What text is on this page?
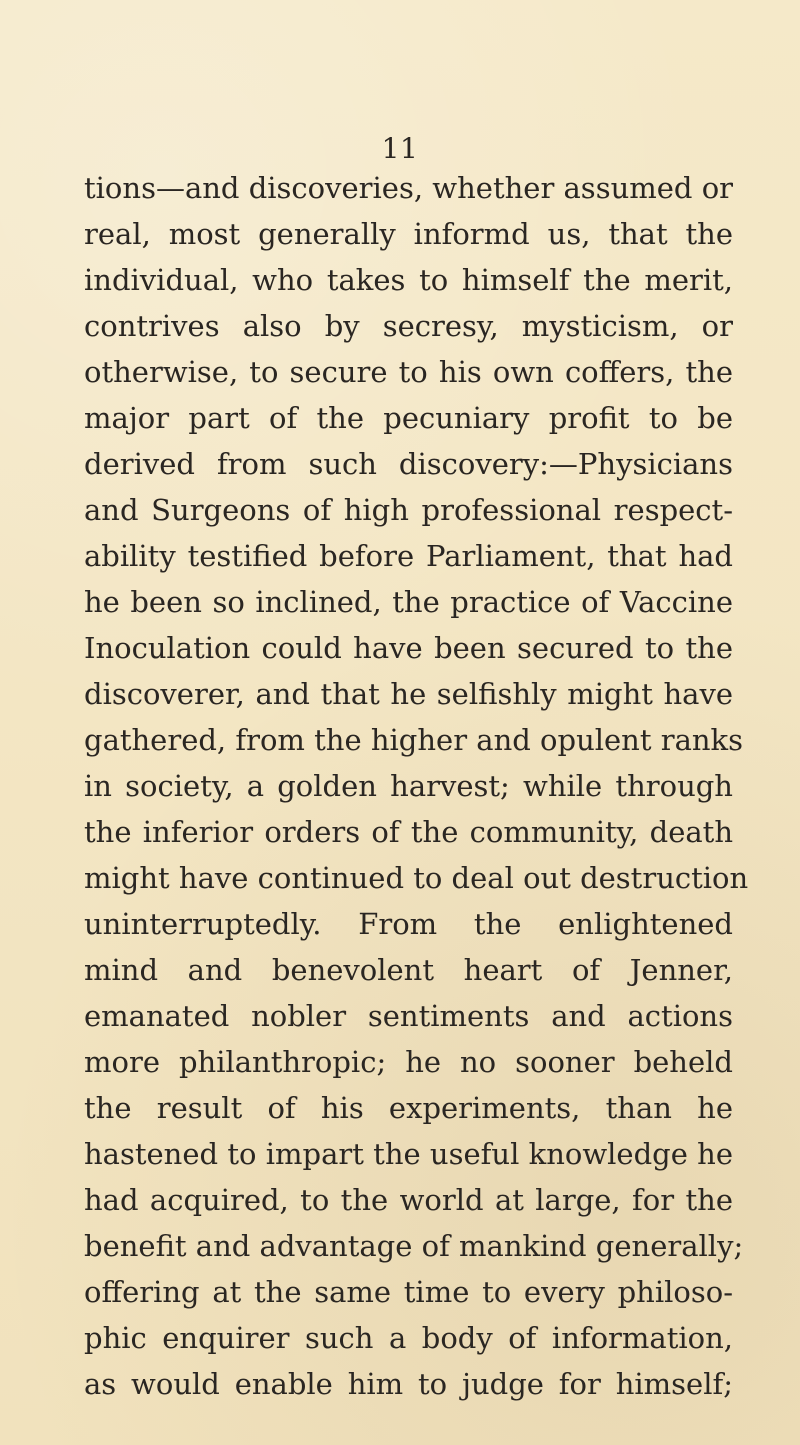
11
tions—and discoveries, whether assumed or
real, most generally informd us, that the
individual, who takes to himself the merit,
contrives also by secresy, mysticism, or
otherwise, to secure to his own coffers, the
major part of the pecuniary profit to be
derived from such discovery:—Physicians
and Surgeons of high professional respect-
ability testified before Parliament, that had
he been so inclined, the practice of Vaccine
Inoculation could have been secured to the
discoverer, and that he selfishly might have
gathered, from the higher and opulent ranks
in society, a golden harvest; while through
the inferior orders of the community, death
might have continued to deal out destruction
uninterruptedly. From the enlightened
mind and benevolent heart of Jenner,
emanated nobler sentiments and actions
more philanthropic; he no sooner beheld
the result of his experiments, than he
hastened to impart the useful knowledge he
had acquired, to the world at large, for the
benefit and advantage of mankind generally;
offering at the same time to every philoso-
phic enquirer such a body of information,
as would enable him to judge for himself;
